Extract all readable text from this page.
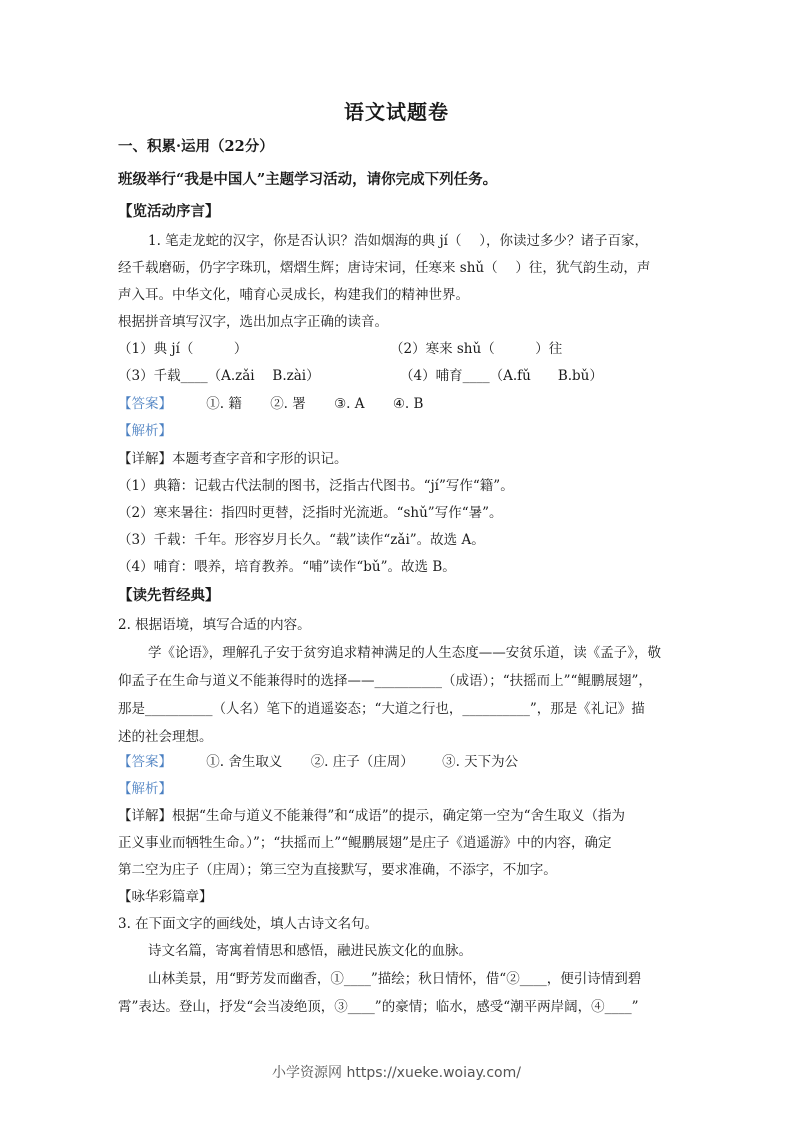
语文试题卷
一、积累·运用（22分）
班级举行“我是中国人”主题学习活动，请你完成下列任务。
【览活动序言】
1. 笔走龙蛇的汉字，你是否认识？浩如烟海的典 jí（　 ），你读过多少？诸子百家，
经千载磨砺，仍字字珠玑，熠熠生辉；唐诗宋词，任寒来 shǔ（　 ）往，犹气韵生动，声
声入耳。中华文化，哺育心灵成长，构建我们的精神世界。
根据拼音填写汉字，选出加点字正确的读音。
（1）典 jí（　　　）	（2）寒来 shǔ（　　　）往
（3）千载____（A.zǎi　 B.zài）	（4）哺育____（A.fǔ　　B.bǔ）
【答案】	①. 籍 ②. 署 ③. A ④. B
【解析】
【详解】本题考查字音和字形的识记。
（1）典籍：记载古代法制的图书，泛指古代图书。“jí”写作“籍”。
（2）寒来暑往：指四时更替，泛指时光流逝。“shǔ”写作“暑”。
（3）千载：千年。形容岁月长久。“载”读作“zǎi”。故选 A。
（4）哺育：喂养，培育教养。“哺”读作“bǔ”。故选 B。
【读先哲经典】
2. 根据语境，填写合适的内容。
学《论语》，理解孔子安于贫穷追求精神满足的人生态度——安贫乐道，读《孟子》，敬
仰孟子在生命与道义不能兼得时的选择——__________（成语）；“扶摇而上”“鲲鹏展翅”，
那是__________（人名）笔下的逍遥姿态；“大道之行也，__________”，那是《礼记》描
述的社会理想。
【答案】	①. 舍生取义 ②. 庄子（庄周） ③. 天下为公
【解析】
【详解】根据“生命与道义不能兼得”和“成语”的提示，确定第一空为“舍生取义（指为
正义事业而牺牲生命。）”；“扶摇而上”“鲲鹏展翅”是庄子《逍遥游》中的内容，确定
第二空为庄子（庄周）；第三空为直接默写，要求准确，不添字，不加字。
【咏华彩篇章】
3. 在下面文字的画线处，填人古诗文名句。
诗文名篇，寄寓着情思和感悟，融进民族文化的血脉。
山林美景，用“野芳发而幽香，①____”描绘；秋日情怀，借“②____，便引诗情到碧
霄”表达。登山，抒发“会当凌绝顶，③____”的豪情；临水，感受“潮平两岸阔，④____”
小学资源网 https://xueke.woiay.com/
